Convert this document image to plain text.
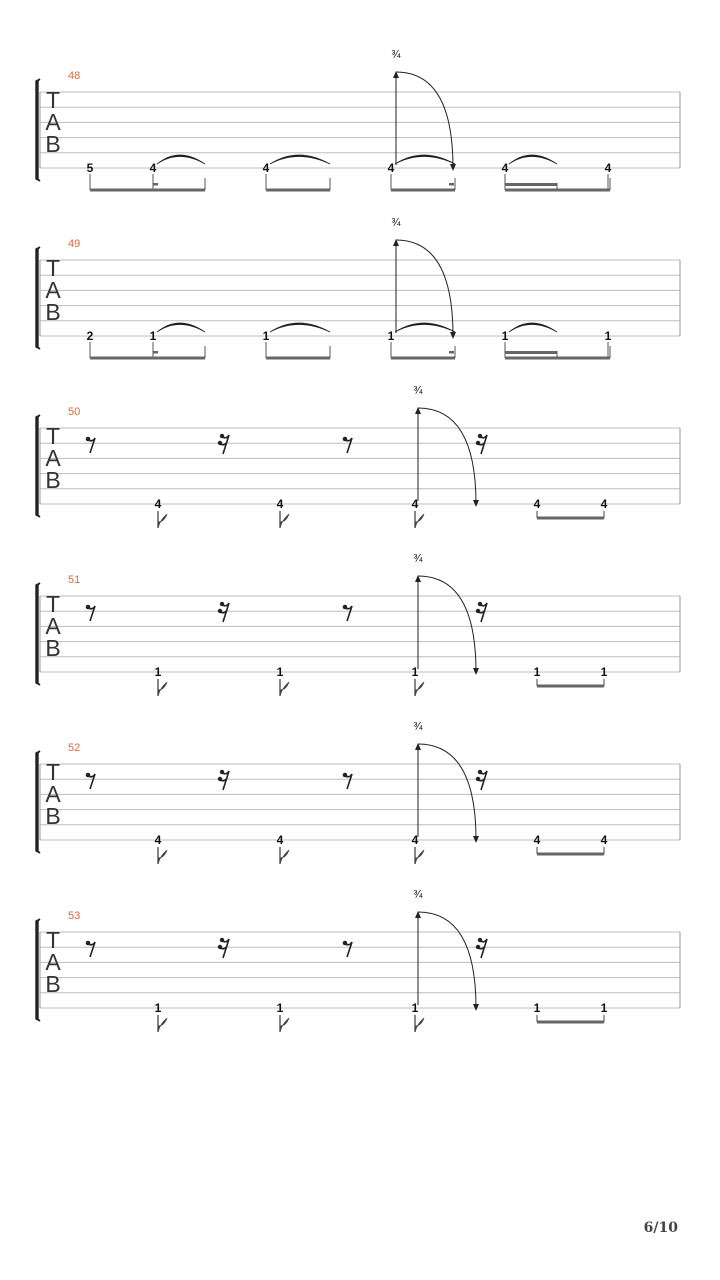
T
A
B
48
5	4	4	4	4	4
¾
T
A
B
49
2	1	1	1	1	1
¾
T
A
B
50
4	4	4	4	4
¾
T
A
B
51
1	1	1	1	1
¾
T
A
B
52
4	4	4	4	4
¾
T
A
B
53
1	1	1	1	1
¾
6/10
